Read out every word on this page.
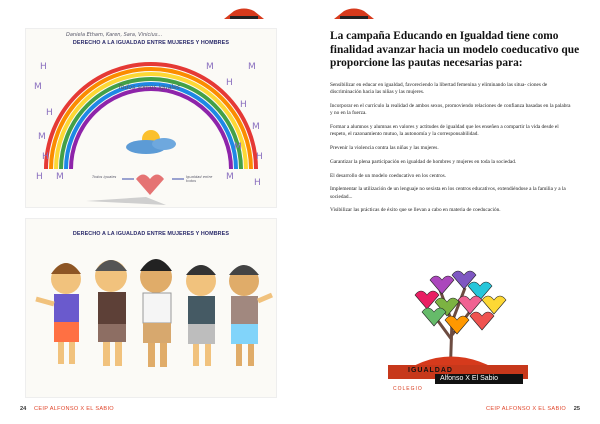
Daniela Etham, Karen, Sara, Vinicius...
DERECHO A LA IGUALDAD ENTRE MUJERES Y HOMBRES
H
M
H
M
H
M
H
M
H
M
H
M
M
H
M
H
Todos somos iguales
Todos iguales	Igualdad entre todos
DERECHO A LA IGUALDAD ENTRE MUJERES Y HOMBRES
24 CEIP ALFONSO X EL SABIO
La campaña Educando en Igualdad tiene como finalidad avanzar hacia un modelo coeducativo que proporcione las pautas necesarias para:

Sensibilizar en educar en igualdad, favoreciendo la libertad femenina y eliminando las situa- ciones de discriminación hacia las niñas y las mujeres.

Incorporar en el currículo la realidad de ambos sexos, promoviendo relaciones de confianza basadas en la palabra y no en la fuerza.

Formar a alumnos y alumnas en valores y actitudes de igualdad que les enseñen a compartir la vida desde el respeto, el razonamiento mutuo, la autonomía y la corresponsabilidad.

Prevenir la violencia contra las niñas y las mujeres.

Garantizar la plena participación en igualdad de hombres y mujeres en toda la sociedad.

El desarrollo de un modelo coeducativo en los centros.

Implementar la utilización de un lenguaje no sexista en los centros educativos, extendiéndose a la familia y a la sociedad...

Visibilizar las prácticas de éxito que se llevan a cabo en materia de coeducación.

IGUALDAD
Alfonso X El Sabio
COLEGIO
CEIP ALFONSO X EL SABIO 25
